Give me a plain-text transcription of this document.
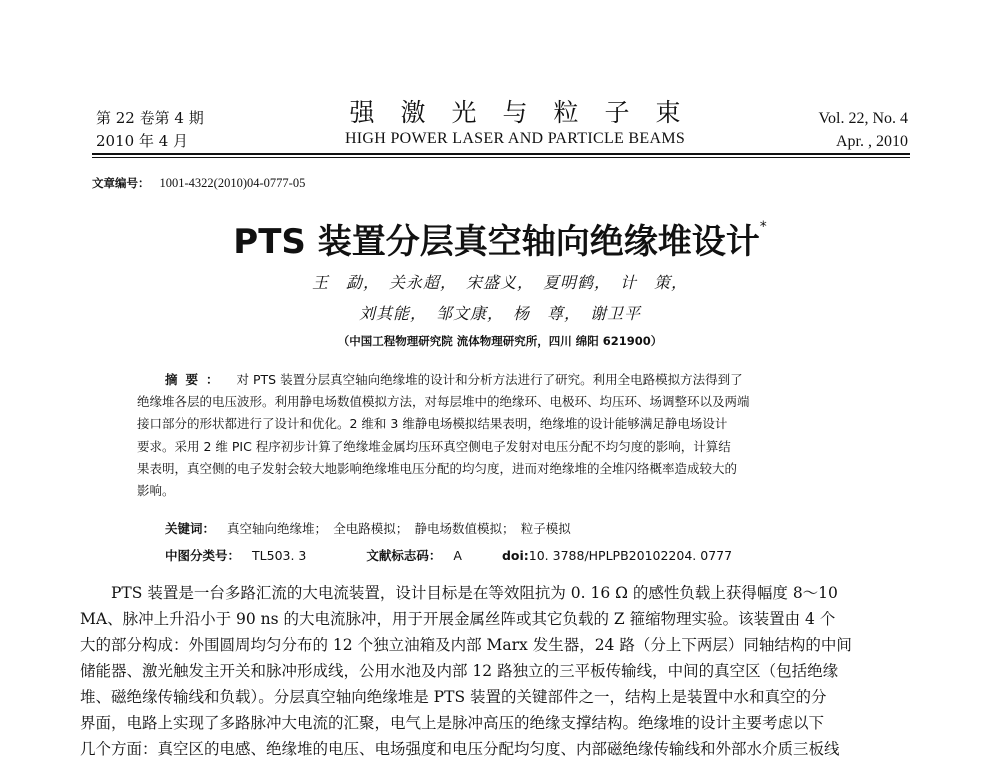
第 22 卷第 4 期
2010 年 4 月
强激光与粒子束
HIGH POWER LASER AND PARTICLE BEAMS
Vol. 22, No. 4
Apr. , 2010
文章编号： 1001-4322(2010)04-0777-05
PTS 装置分层真空轴向绝缘堆设计*
王　勐，　关永超，　宋盛义，　夏明鹤，　计　策，
刘其能，　邹文康，　杨　尊，　谢卫平
（中国工程物理研究院 流体物理研究所，四川 绵阳 621900）
摘要： 对 PTS 装置分层真空轴向绝缘堆的设计和分析方法进行了研究。利用全电路模拟方法得到了
绝缘堆各层的电压波形。利用静电场数值模拟方法，对每层堆中的绝缘环、电极环、均压环、场调整环以及两端
接口部分的形状都进行了设计和优化。2 维和 3 维静电场模拟结果表明，绝缘堆的设计能够满足静电场设计
要求。采用 2 维 PIC 程序初步计算了绝缘堆金属均压环真空侧电子发射对电压分配不均匀度的影响，计算结
果表明，真空侧的电子发射会较大地影响绝缘堆电压分配的均匀度，进而对绝缘堆的全堆闪络概率造成较大的
影响。
关键词： 真空轴向绝缘堆；　全电路模拟；　静电场数值模拟；　粒子模拟
中图分类号： TL503. 3	文献标志码： A	doi:10. 3788/HPLPB20102204. 0777
PTS 装置是一台多路汇流的大电流装置，设计目标是在等效阻抗为 0. 16 Ω 的感性负载上获得幅度 8～10
MA、脉冲上升沿小于 90 ns 的大电流脉冲，用于开展金属丝阵或其它负载的 Z 箍缩物理实验。该装置由 4 个
大的部分构成：外围圆周均匀分布的 12 个独立油箱及内部 Marx 发生器，24 路（分上下两层）同轴结构的中间
储能器、激光触发主开关和脉冲形成线，公用水池及内部 12 路独立的三平板传输线，中间的真空区（包括绝缘
堆、磁绝缘传输线和负载）。分层真空轴向绝缘堆是 PTS 装置的关键部件之一，结构上是装置中水和真空的分
界面，电路上实现了多路脉冲大电流的汇聚，电气上是脉冲高压的绝缘支撑结构。绝缘堆的设计主要考虑以下
几个方面：真空区的电感、绝缘堆的电压、电场强度和电压分配均匀度、内部磁绝缘传输线和外部水介质三板线
